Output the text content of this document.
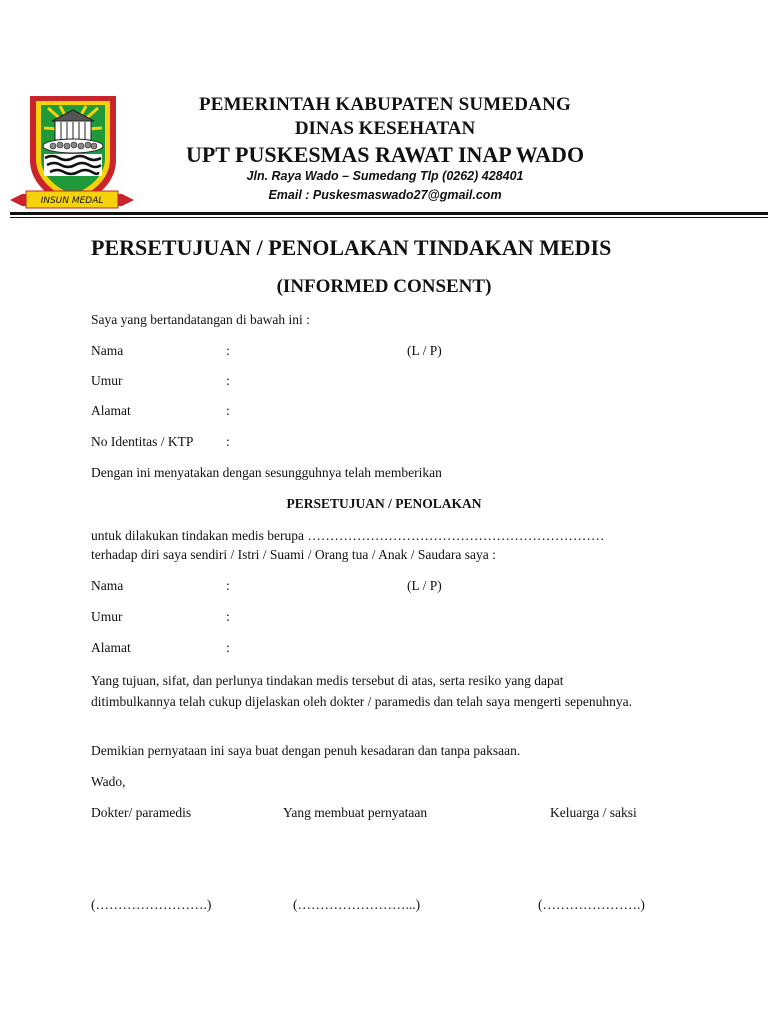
INSUN MEDAL
PEMERINTAH KABUPATEN SUMEDANG
DINAS KESEHATAN
UPT PUSKESMAS RAWAT INAP WADO
Jln. Raya Wado – Sumedang Tlp (0262) 428401
Email : Puskesmaswado27@gmail.com
PERSETUJUAN / PENOLAKAN TINDAKAN MEDIS
(INFORMED CONSENT)
Saya yang bertandatangan di bawah ini :
Nama	:	(L / P)
Umur	:
Alamat	:
No Identitas / KTP :
Dengan ini menyatakan dengan sesungguhnya telah memberikan
PERSETUJUAN / PENOLAKAN
untuk dilakukan tindakan medis berupa …………………………………………………………
terhadap diri saya sendiri / Istri / Suami / Orang tua / Anak / Saudara saya :
Nama	:	(L / P)
Umur	:
Alamat	:
Yang tujuan, sifat, dan perlunya tindakan medis tersebut di atas, serta resiko yang dapat ditimbulkannya telah cukup dijelaskan oleh dokter / paramedis dan telah saya mengerti sepenuhnya.
Demikian pernyataan ini saya buat dengan penuh kesadaran dan tanpa paksaan.
Wado,
Dokter/ paramedis	Yang membuat pernyataan	Keluarga / saksi
(…………………….)	(……………………...)	(………………….)
